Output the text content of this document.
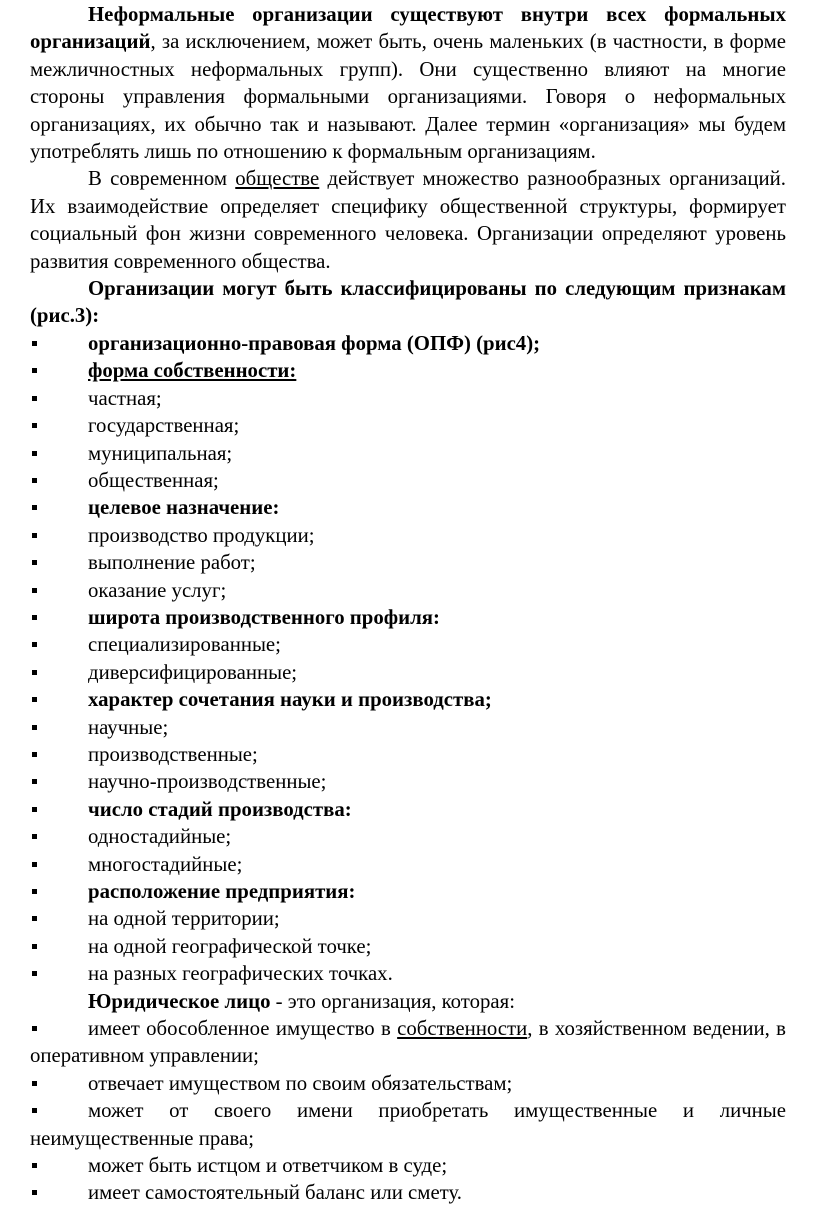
Неформальные организации существуют внутри всех формальных организаций, за исключением, может быть, очень маленьких (в частности, в форме межличностных неформальных групп). Они существенно влияют на многие стороны управления формальными организациями. Говоря о неформальных организациях, их обычно так и называют. Далее термин «организация» мы будем употреблять лишь по отношению к формальным организациям.

В современном обществе действует множество разнообразных организаций. Их взаимодействие определяет специфику общественной структуры, формирует социальный фон жизни современного человека. Организации определяют уровень развития современного общества.

Организации могут быть классифицированы по следующим признакам (рис.3):

организационно-правовая форма (ОПФ) (рис4);
форма собственности:
частная;
государственная;
муниципальная;
общественная;
целевое назначение:
производство продукции;
выполнение работ;
оказание услуг;
широта производственного профиля:
специализированные;
диверсифицированные;
характер сочетания науки и производства;
научные;
производственные;
научно-производственные;
число стадий производства:
одностадийные;
многостадийные;
расположение предприятия:
на одной территории;
на одной географической точке;
на разных географических точках.

Юридическое лицо - это организация, которая:

имеет обособленное имущество в собственности, в хозяйственном ведении, в оперативном управлении;
отвечает имуществом по своим обязательствам;
может от своего имени приобретать имущественные и личные неимущественные права;
может быть истцом и ответчиком в суде;
имеет самостоятельный баланс или смету.
